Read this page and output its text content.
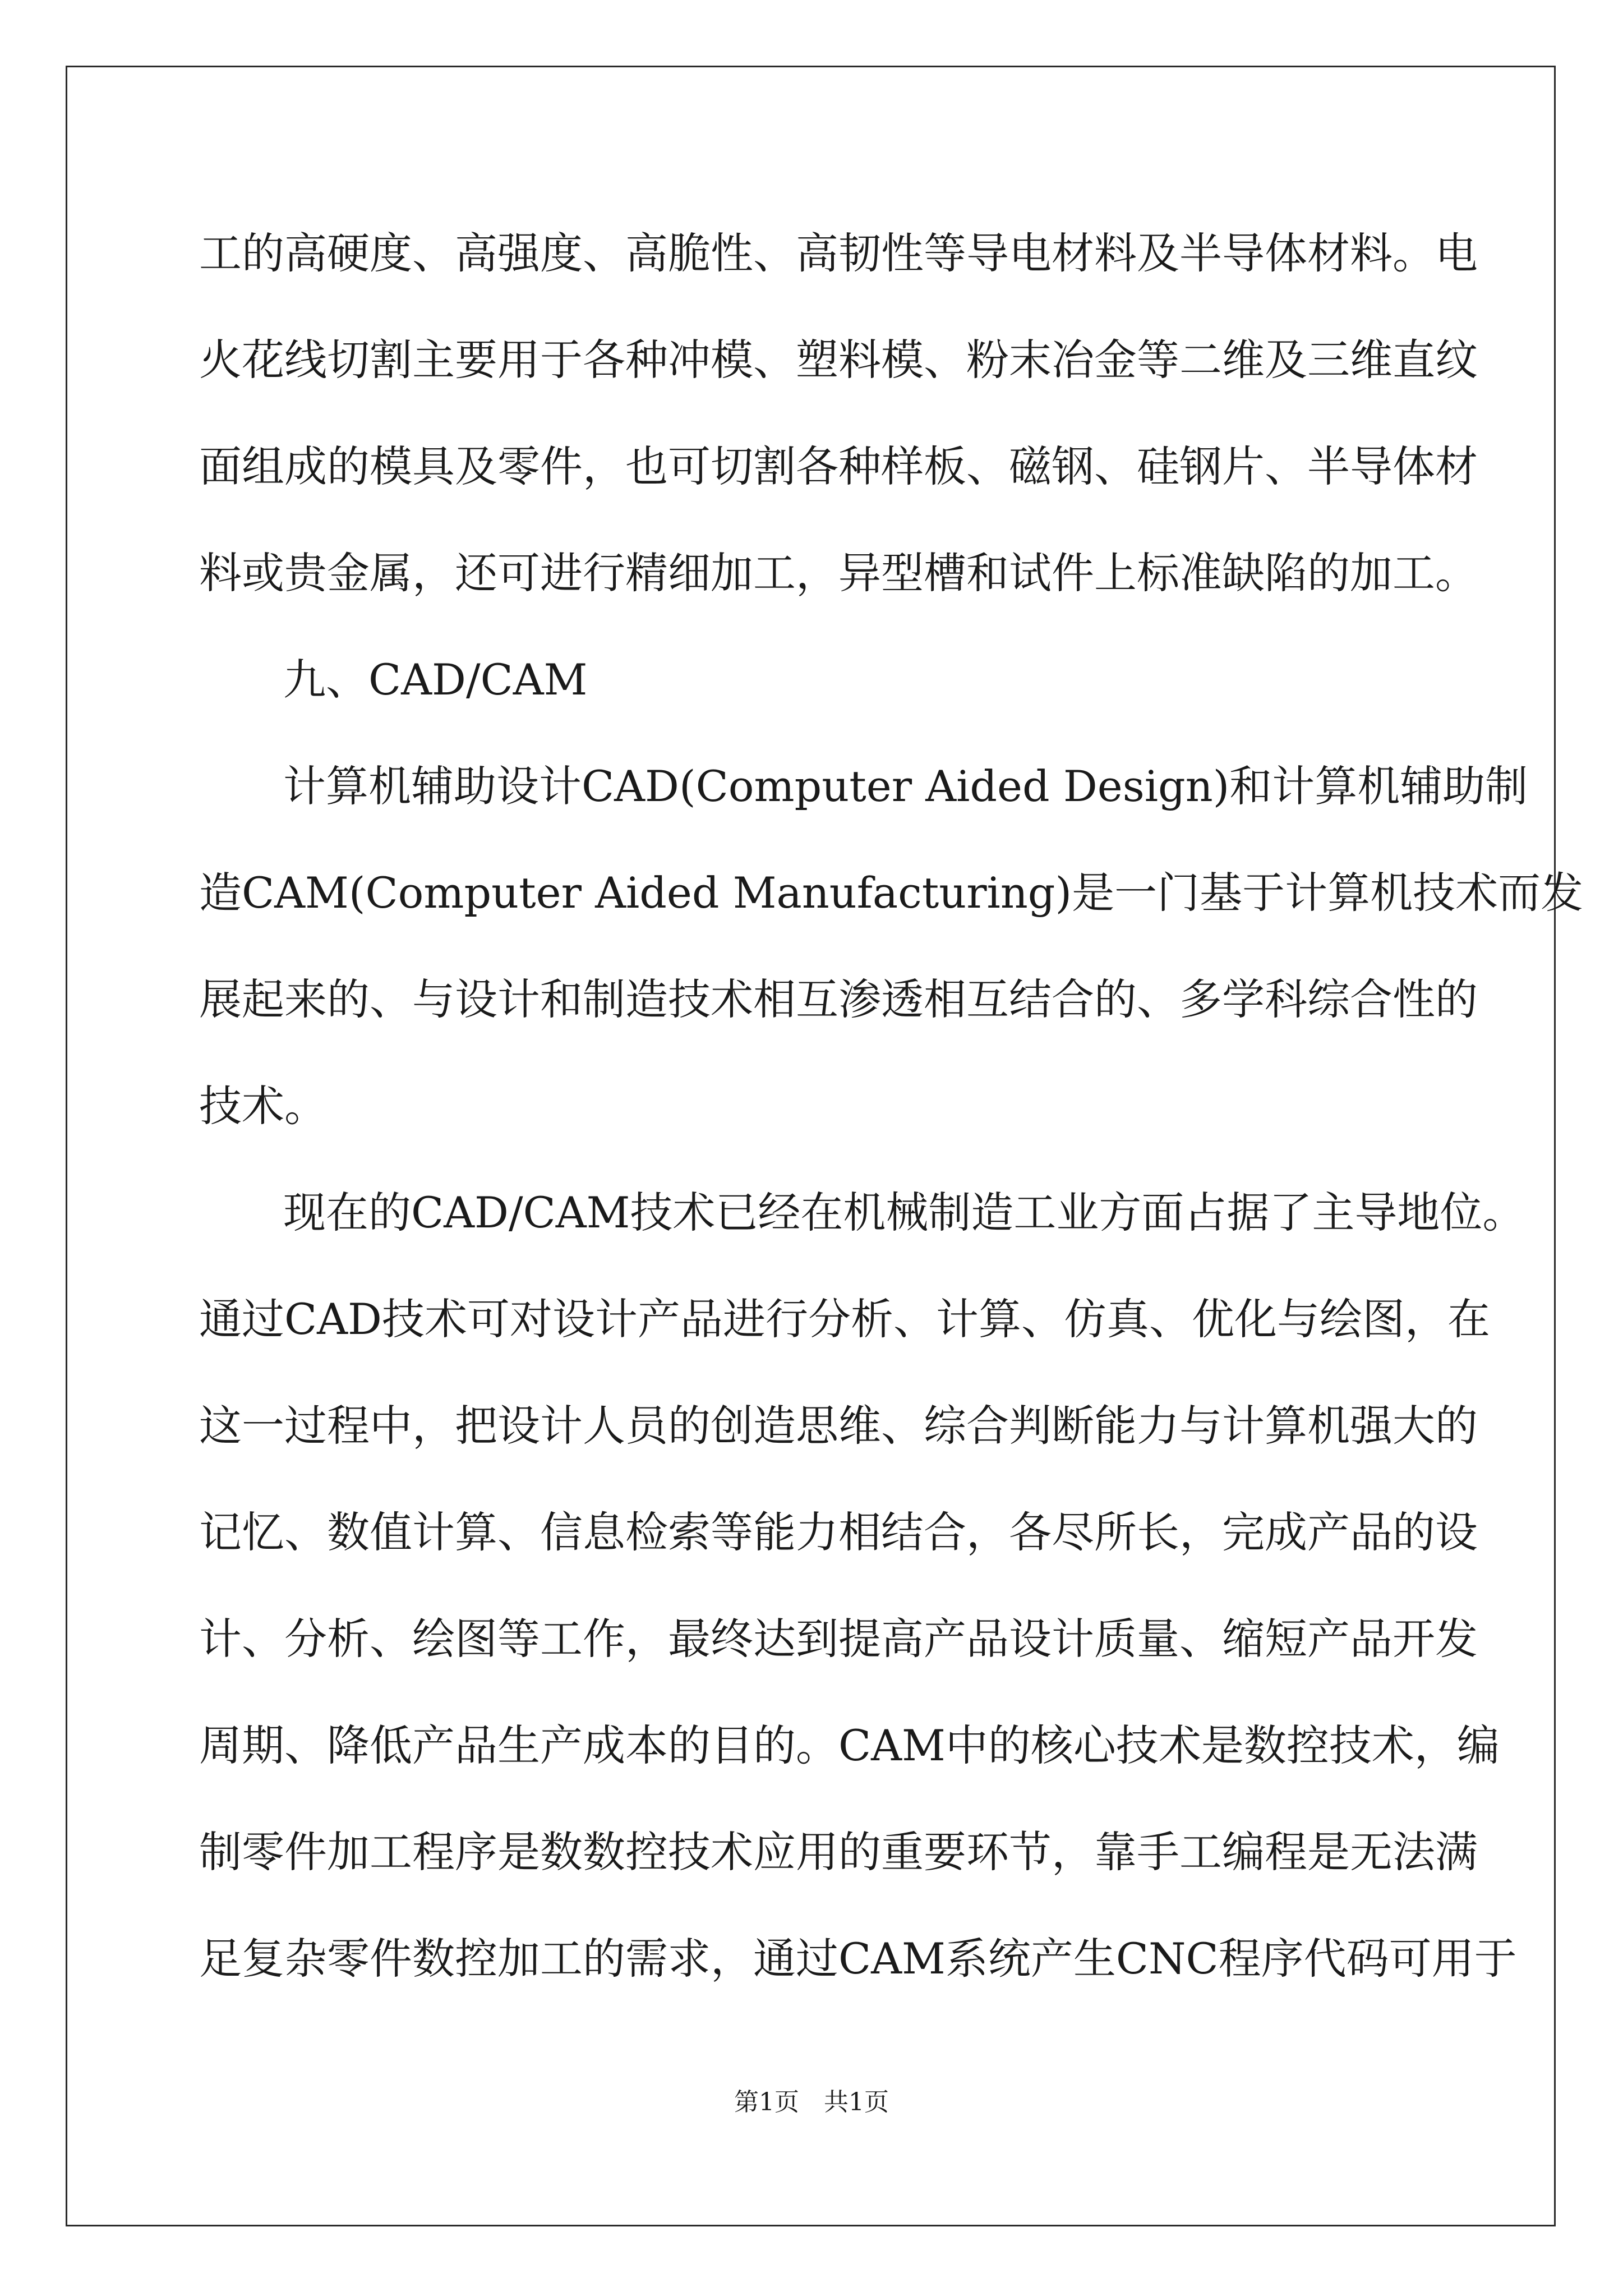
工的高硬度、高强度、高脆性、高韧性等导电材料及半导体材料。电
火花线切割主要用于各种冲模、塑料模、粉末冶金等二维及三维直纹
面组成的模具及零件，也可切割各种样板、磁钢、硅钢片、半导体材
料或贵金属，还可进行精细加工，异型槽和试件上标准缺陷的加工。
九、CAD/CAM
计算机辅助设计CAD(Computer Aided Design)和计算机辅助制
造CAM(Computer Aided Manufacturing)是一门基于计算机技术而发
展起来的、与设计和制造技术相互渗透相互结合的、多学科综合性的
技术。
现在的CAD/CAM技术已经在机械制造工业方面占据了主导地位。
通过CAD技术可对设计产品进行分析、计算、仿真、优化与绘图，在
这一过程中，把设计人员的创造思维、综合判断能力与计算机强大的
记忆、数值计算、信息检索等能力相结合，各尽所长，完成产品的设
计、分析、绘图等工作，最终达到提高产品设计质量、缩短产品开发
周期、降低产品生产成本的目的。CAM中的核心技术是数控技术，编
制零件加工程序是数数控技术应用的重要环节，靠手工编程是无法满
足复杂零件数控加工的需求，通过CAM系统产生CNC程序代码可用于
第1页 共1页
